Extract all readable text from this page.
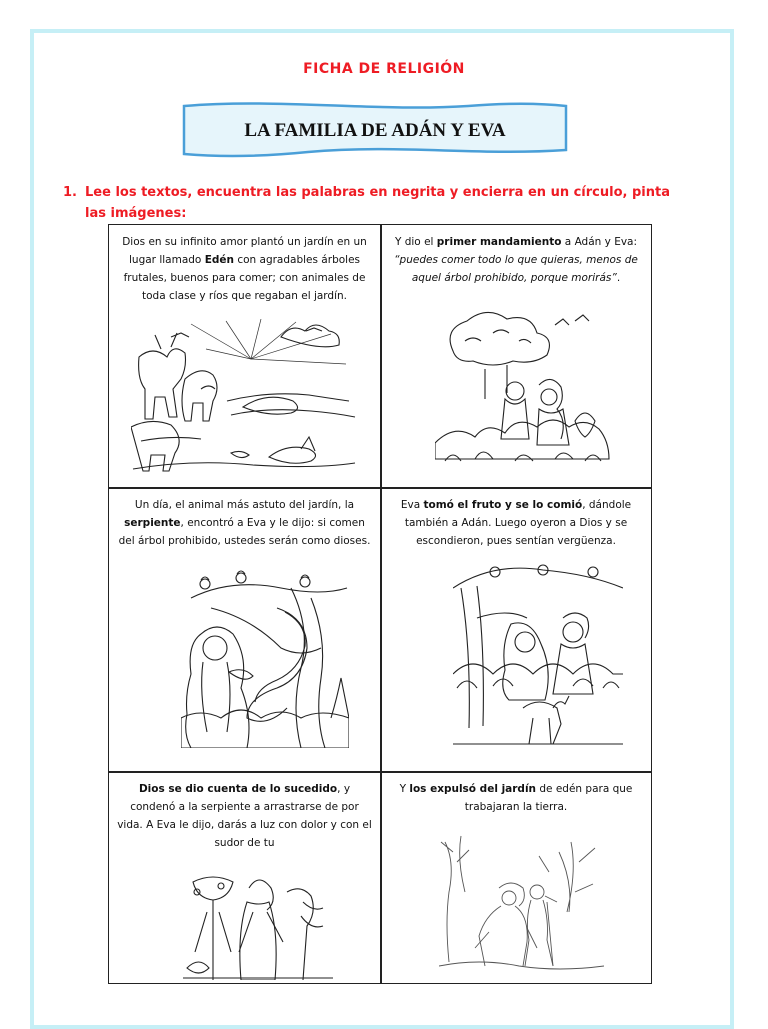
FICHA DE RELIGIÓN
LA FAMILIA DE ADÁN Y EVA
1. Lee los textos, encuentra las palabras en negrita y encierra en un círculo, pinta las imágenes:
Dios en su infinito amor plantó un jardín en un lugar llamado Edén con agradables árboles frutales, buenos para comer; con animales de toda clase y ríos que regaban el jardín.
Y dio el primer mandamiento a Adán y Eva: “puedes comer todo lo que quieras, menos de aquel árbol prohibido, porque morirás”.
Un día, el animal más astuto del jardín, la serpiente, encontró a Eva y le dijo: si comen del árbol prohibido, ustedes serán como dioses.
Eva tomó el fruto y se lo comió, dándole también a Adán. Luego oyeron a Dios y se escondieron, pues sentían vergüenza.
Dios se dio cuenta de lo sucedido, y condenó a la serpiente a arrastrarse de por vida. A Eva le dijo, darás a luz con dolor y con el sudor de tu
Y los expulsó del jardín de edén para que trabajaran la tierra.
